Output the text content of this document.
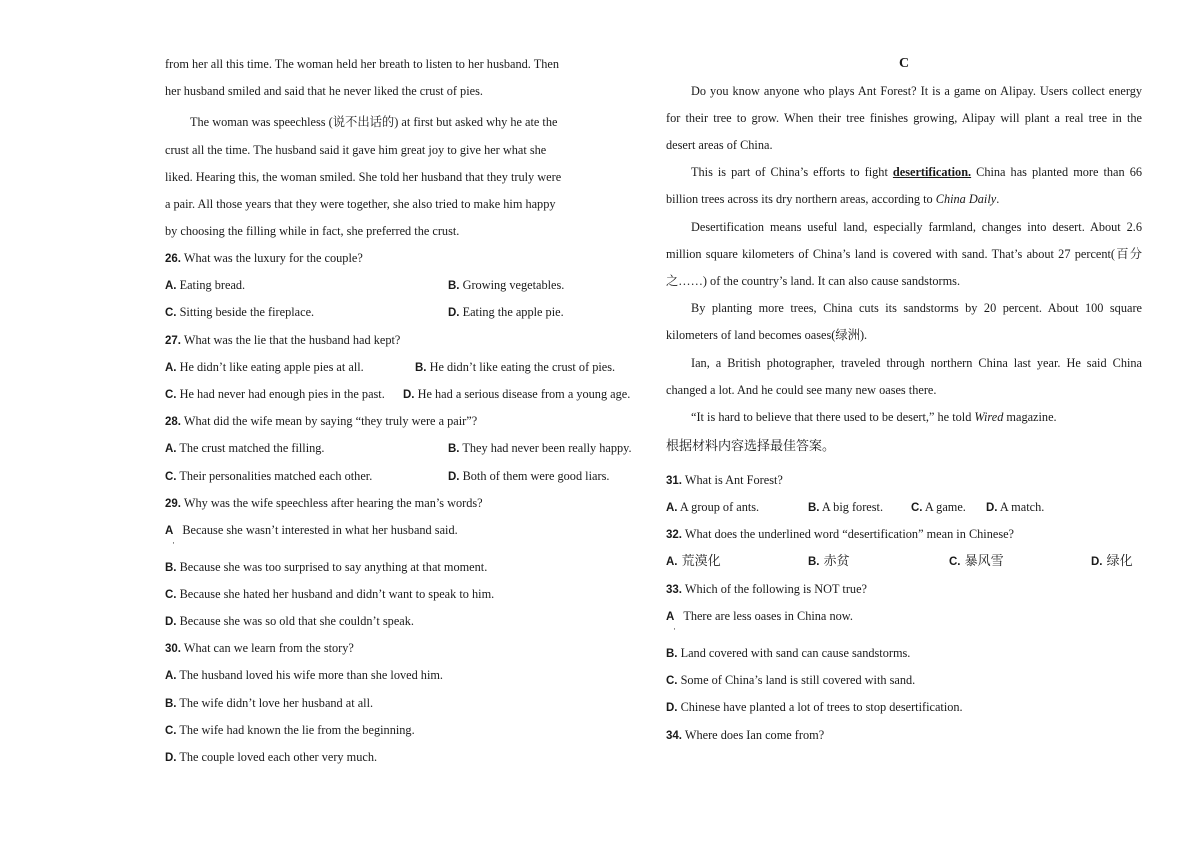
from her all this time. The woman held her breath to listen to her husband. Then
her husband smiled and said that he never liked the crust of pies.
The woman was speechless (说不出话的) at first but asked why he ate the
crust all the time. The husband said it gave him great joy to give her what she
liked. Hearing this, the woman smiled. She told her husband that they truly were
a pair. All those years that they were together, she also tried to make him happy
by choosing the filling while in fact, she preferred the crust.
26. What was the luxury for the couple?
A. Eating bread.	B. Growing vegetables.
C. Sitting beside the fireplace.	D. Eating the apple pie.
27. What was the lie that the husband had kept?
A. He didn’t like eating apple pies at all.	B. He didn’t like eating the crust of pies.
C. He had never had enough pies in the past. D. He had a serious disease from a young age.
28. What did the wife mean by saying “they truly were a pair”?
A. The crust matched the filling.	B. They had never been really happy.
C. Their personalities matched each other.	D. Both of them were good liars.
29. Why was the wife speechless after hearing the man’s words?
A Because she wasn’t interested in what her husband said.
·
B. Because she was too surprised to say anything at that moment.
C. Because she hated her husband and didn’t want to speak to him.
D. Because she was so old that she couldn’t speak.
30. What can we learn from the story?
A. The husband loved his wife more than she loved him.
B. The wife didn’t love her husband at all.
C. The wife had known the lie from the beginning.
D. The couple loved each other very much.
C
Do you know anyone who plays Ant Forest? It is a game on Alipay. Users collect energy
for their tree to grow. When their tree finishes growing, Alipay will plant a real tree in the
desert areas of China.
This is part of China’s efforts to fight desertification. China has planted more than 66
billion trees across its dry northern areas, according to China Daily.
Desertification means useful land, especially farmland, changes into desert. About 2.6
million square kilometers of China’s land is covered with sand. That’s about 27 percent(百分
之……) of the country’s land. It can also cause sandstorms.
By planting more trees, China cuts its sandstorms by 20 percent. About 100 square
kilometers of land becomes oases(绿洲).
Ian, a British photographer, traveled through northern China last year. He said China
changed a lot. And he could see many new oases there.
“It is hard to believe that there used to be desert,” he told Wired magazine.
根据材料内容选择最佳答案。
31. What is Ant Forest?
A. A group of ants.	B. A big forest. C. A game. D. A match.
32. What does the underlined word “desertification” mean in Chinese?
A. 荒漠化	B. 赤贫	C. 暴风雪	D. 绿化
33. Which of the following is NOT true?
A There are less oases in China now.
·
B. Land covered with sand can cause sandstorms.
C. Some of China’s land is still covered with sand.
D. Chinese have planted a lot of trees to stop desertification.
34. Where does Ian come from?
